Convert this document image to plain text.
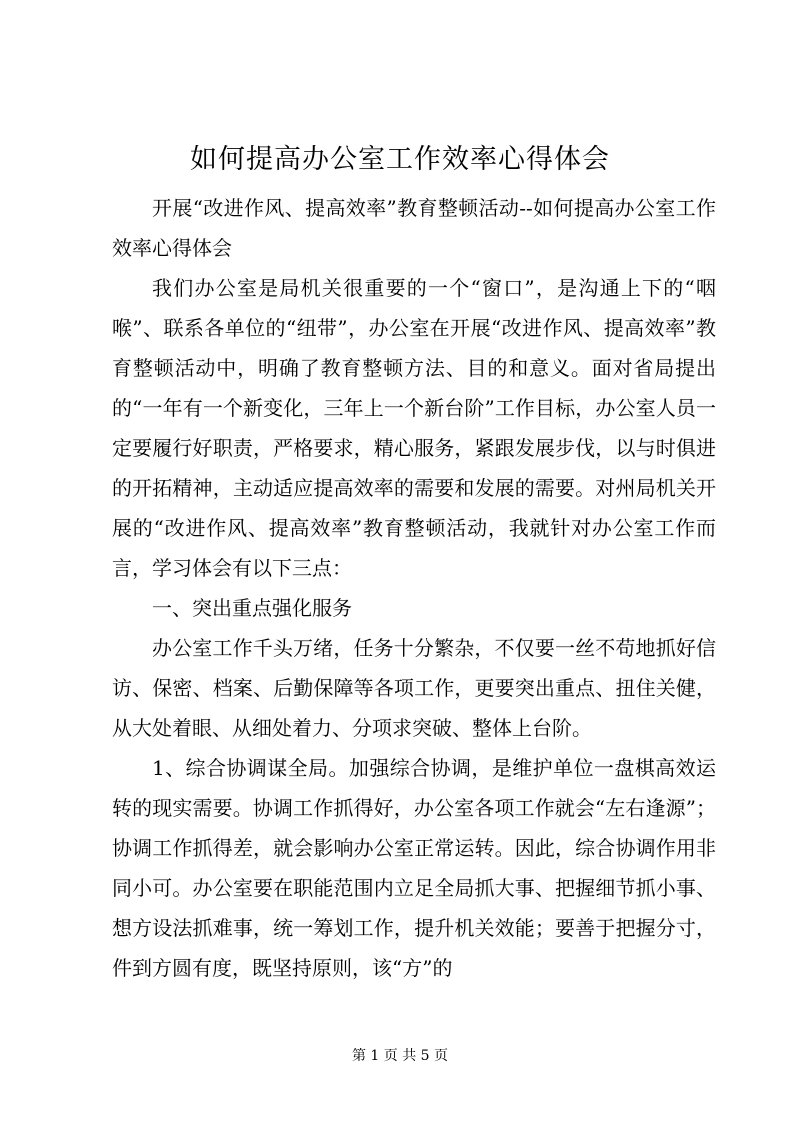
如何提高办公室工作效率心得体会

开展“改进作风、提高效率”教育整顿活动--如何提高办公室工作效率心得体会

我们办公室是局机关很重要的一个“窗口”，是沟通上下的“咽喉”、联系各单位的“纽带”，办公室在开展“改进作风、提高效率”教育整顿活动中，明确了教育整顿方法、目的和意义。面对省局提出的“一年有一个新变化，三年上一个新台阶”工作目标，办公室人员一定要履行好职责，严格要求，精心服务，紧跟发展步伐，以与时俱进的开拓精神，主动适应提高效率的需要和发展的需要。对州局机关开展的“改进作风、提高效率”教育整顿活动，我就针对办公室工作而言，学习体会有以下三点：

一、突出重点强化服务

办公室工作千头万绪，任务十分繁杂，不仅要一丝不苟地抓好信访、保密、档案、后勤保障等各项工作，更要突出重点、扭住关健，从大处着眼、从细处着力、分项求突破、整体上台阶。

1、综合协调谋全局。加强综合协调，是维护单位一盘棋高效运转的现实需要。协调工作抓得好，办公室各项工作就会“左右逢源”；协调工作抓得差，就会影响办公室正常运转。因此，综合协调作用非同小可。办公室要在职能范围内立足全局抓大事、把握细节抓小事、想方设法抓难事，统一筹划工作，提升机关效能；要善于把握分寸，件到方圆有度，既坚持原则，该“方”的

第 1 页 共 5 页
